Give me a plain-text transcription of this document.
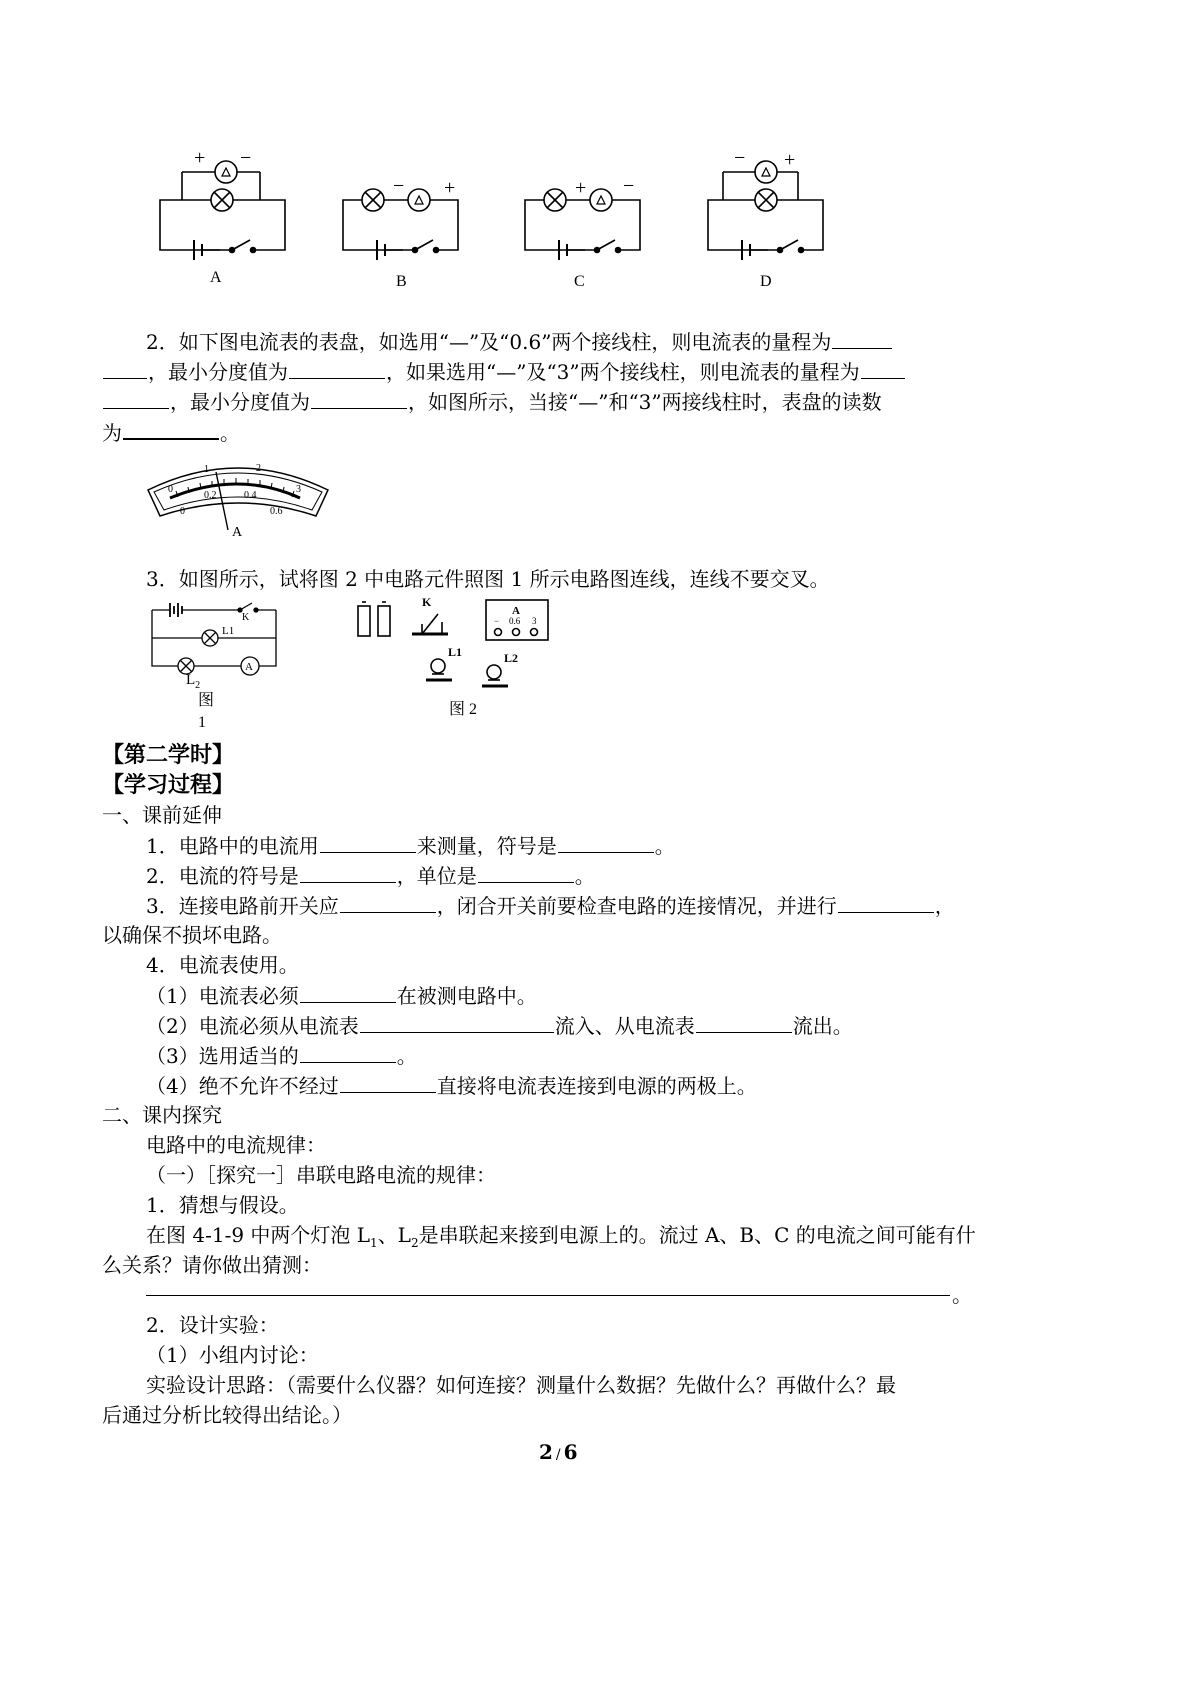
+ −
− +	+ −
− +
A	B	C	D
2．如下图电流表的表盘，如选用“—”及“0.6”两个接线柱，则电流表的量程为
，最小分度值为	，如果选用“—”及“3”两个接线柱，则电流表的量程为
，最小分度值为	，如图所示，当接“—”和“3”两接线柱时，表盘的读数
为	。
0
1	2
3
0
0.2	0.4
0.6
A
3．如图所示，试将图 2 中电路元件照图 1 所示电路图连线，连线不要交叉。
K
L1
A
$L_2$
图
1
K
A
− 0.6 3
L1	L2
图 2
【第二学时】
【学习过程】
一、课前延伸
1．电路中的电流用	来测量，符号是	。
2．电流的符号是	，单位是	。
3．连接电路前开关应	，闭合开关前要检查电路的连接情况，并进行	，
以确保不损坏电路。
4．电流表使用。
（1）电流表必须	在被测电路中。
（2）电流必须从电流表	流入、从电流表	流出。
（3）选用适当的	。
（4）绝不允许不经过	直接将电流表连接到电源的两极上。
二、课内探究
电路中的电流规律：
（一）［探究一］串联电路电流的规律：
1．猜想与假设。
在图 4-1-9 中两个灯泡 $L_1$、$L_2$是串联起来接到电源上的。流过 A、B、C 的电流之间可能有什
么关系？请你做出猜测：
。
2．设计实验：
（1）小组内讨论：
实验设计思路：（需要什么仪器？如何连接？测量什么数据？先做什么？再做什么？最
后通过分析比较得出结论。）
2 / 6
